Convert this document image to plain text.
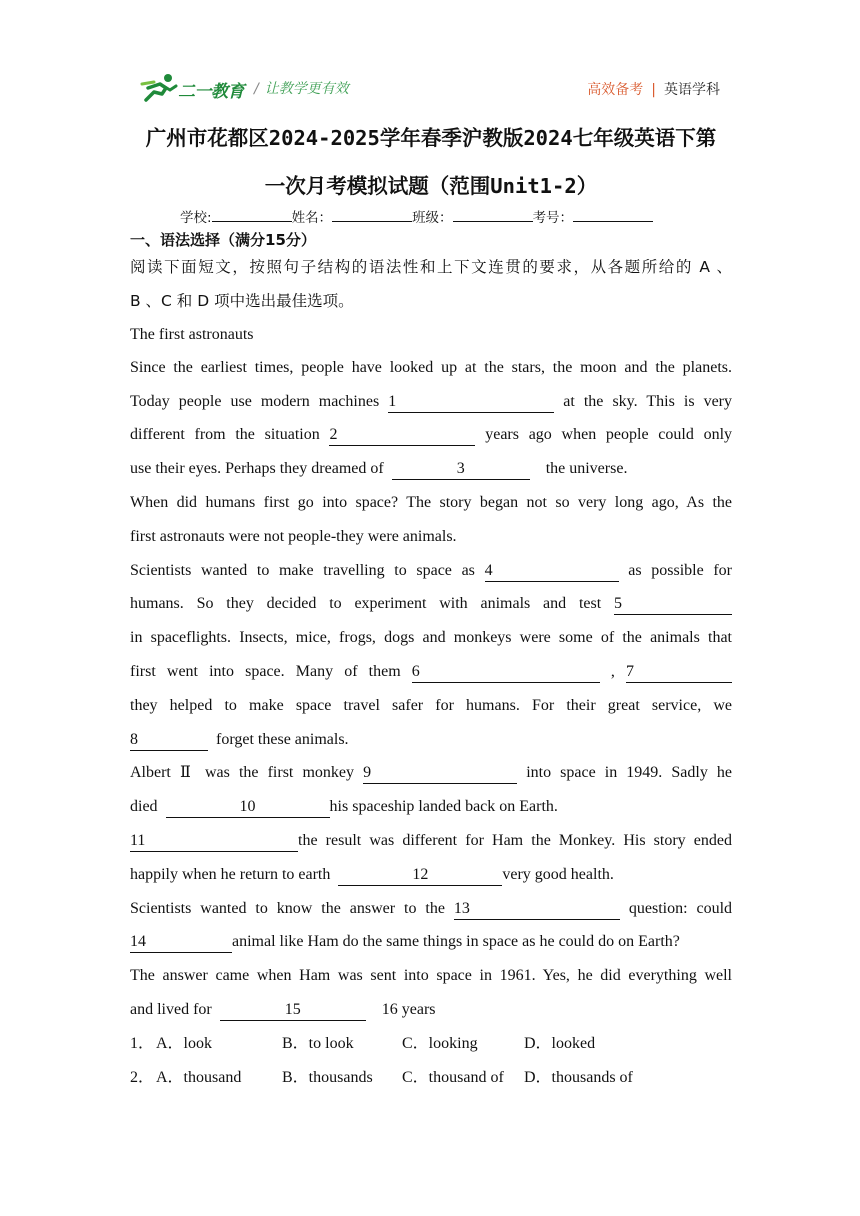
二一教育 / 让教学更有效	高效备考 | 英语学科
广州市花都区2024-2025学年春季沪教版2024七年级英语下第
一次月考模拟试题（范围Unit1-2）
学校:	姓名：	班级：	考号：
一、语法选择（满分15分）
阅读下面短文，按照句子结构的语法性和上下文连贯的要求，从各题所给的 A 、
B 、C 和 D 项中选出最佳选项。
The first astronauts
Since the earliest times, people have looked up at the stars, the moon and the planets.
Today people use modern machines 1	at the sky. This is very
different from the situation 2	years ago when people could only
use their eyes. Perhaps they dreamed of	3	the universe.
When did humans first go into space? The story began not so very long ago, As the
first astronauts were not people-they were animals.
Scientists wanted to make travelling to space as 4	as possible for
humans. So they decided to experiment with animals and test 5
in spaceflights. Insects, mice, frogs, dogs and monkeys were some of the animals that
first went into space. Many of them 6	, 7
they helped to make space travel safer for humans. For their great service, we
8	forget these animals.
Albert Ⅱ was the first monkey 9	into space in 1949. Sadly he
died	10	his spaceship landed back on Earth.
11	the result was different for Ham the Monkey. His story ended
happily when he return to earth	12	very good health.
Scientists wanted to know the answer to the 13	question: could
14	animal like Ham do the same things in space as he could do on Earth?
The answer came when Ham was sent into space in 1961. Yes, he did everything well
and lived for	15	16 years
1． A．look	B．to look	C．looking	D．looked
2． A．thousand	B．thousands C．thousand of D．thousands of
